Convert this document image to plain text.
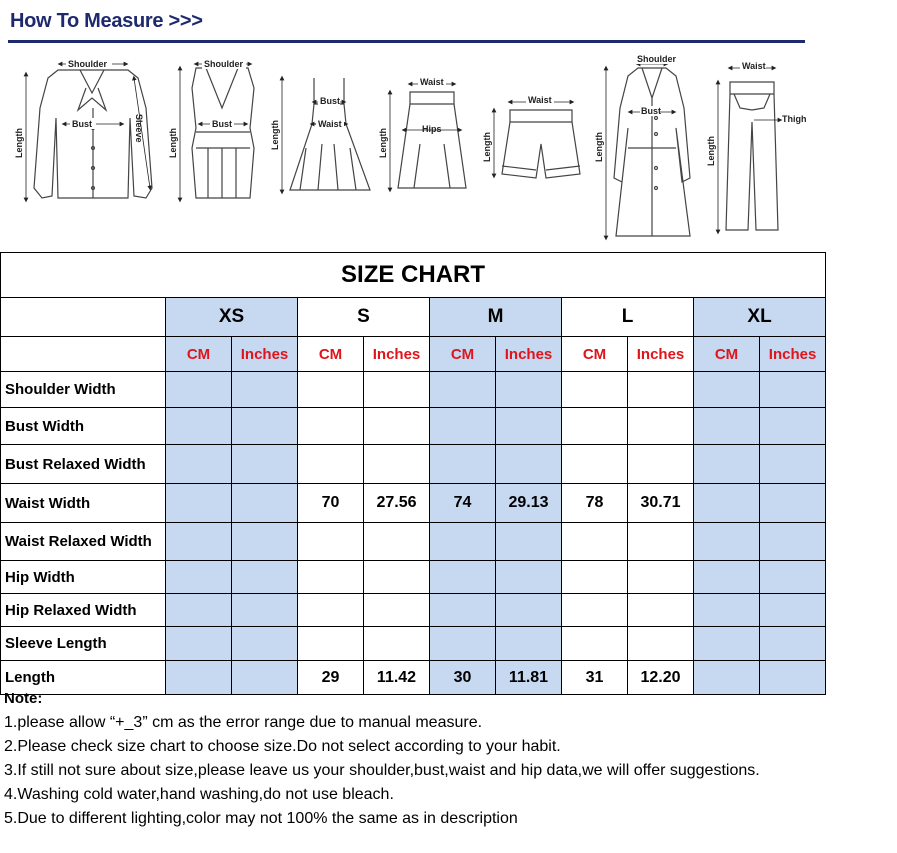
How To Measure >>>
Shoulder
Bust
Length	Sleeve
Shoulder
Bust
Length
Bust
Waist
Length
Waist
Hips
Length
Waist
Length
Shoulder
Bust
Length
Waist
Thigh
Length
SIZE CHART										
	XS		S		M		L		XL	
	CM	Inches	CM	Inches	CM	Inches	CM	Inches	CM	Inches
Shoulder Width										
Bust Width										
Bust Relaxed Width										
Waist Width			70	27.56	74	29.13	78	30.71		
Waist Relaxed Width										
Hip Width										
Hip Relaxed Width										
Sleeve Length										
Length			29	11.42	30	11.81	31	12.20		
Note:

1.please allow “+_3” cm as the error range due to manual measure.

2.Please check size chart to choose size.Do not select according to your habit.

3.If still not sure about size,please leave us your shoulder,bust,waist and hip data,we will offer suggestions.

4.Washing cold water,hand washing,do not use bleach.

5.Due to different lighting,color may not 100% the same as in description
